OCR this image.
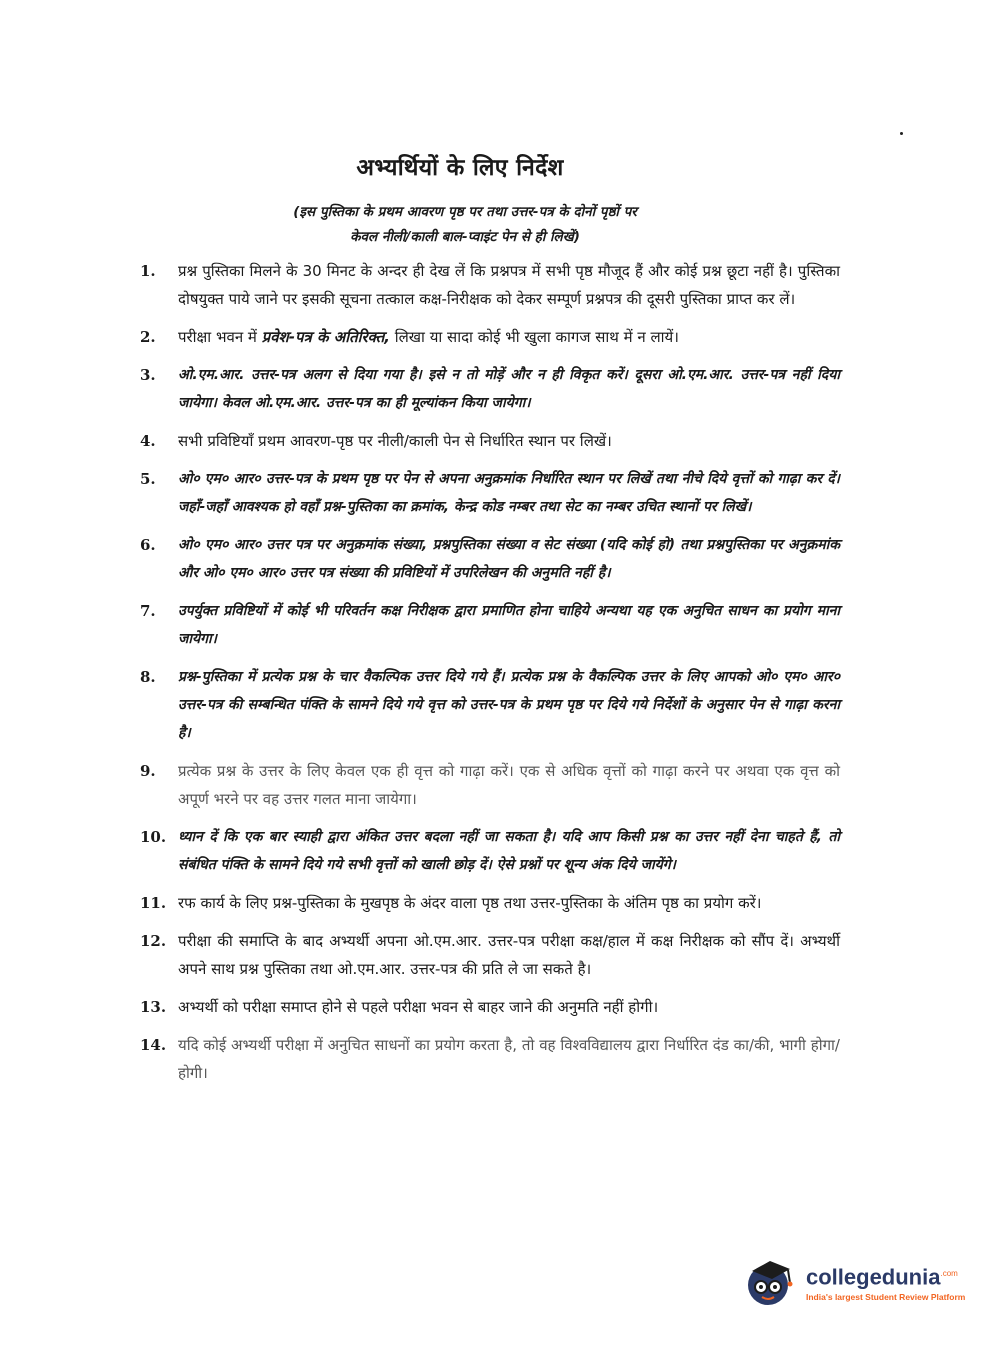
अभ्यर्थियों के लिए निर्देश
(इस पुस्तिका के प्रथम आवरण पृष्ठ पर तथा उत्तर-पत्र के दोनों पृष्ठों पर
केवल नीली/काली बाल-प्वाइंट पेन से ही लिखें)
1.	प्रश्न पुस्तिका मिलने के 30 मिनट के अन्दर ही देख लें कि प्रश्नपत्र में सभी पृष्ठ मौजूद हैं और कोई प्रश्न छूटा नहीं है। पुस्तिका दोषयुक्त पाये जाने पर इसकी सूचना तत्काल कक्ष-निरीक्षक को देकर सम्पूर्ण प्रश्नपत्र की दूसरी पुस्तिका प्राप्त कर लें।
2.	परीक्षा भवन में प्रवेश-पत्र के अतिरिक्त, लिखा या सादा कोई भी खुला कागज साथ में न लायें।
3.	ओ.एम.आर. उत्तर-पत्र अलग से दिया गया है। इसे न तो मोड़ें और न ही विकृत करें। दूसरा ओ.एम.आर. उत्तर-पत्र नहीं दिया जायेगा। केवल ओ.एम.आर. उत्तर-पत्र का ही मूल्यांकन किया जायेगा।
4.	सभी प्रविष्टियाँ प्रथम आवरण-पृष्ठ पर नीली/काली पेन से निर्धारित स्थान पर लिखें।
5.	ओ० एम० आर० उत्तर-पत्र के प्रथम पृष्ठ पर पेन से अपना अनुक्रमांक निर्धारित स्थान पर लिखें तथा नीचे दिये वृत्तों को गाढ़ा कर दें। जहाँ-जहाँ आवश्यक हो वहाँ प्रश्न-पुस्तिका का क्रमांक, केन्द्र कोड नम्बर तथा सेट का नम्बर उचित स्थानों पर लिखें।
6.	ओ० एम० आर० उत्तर पत्र पर अनुक्रमांक संख्या, प्रश्नपुस्तिका संख्या व सेट संख्या (यदि कोई हो) तथा प्रश्नपुस्तिका पर अनुक्रमांक और ओ० एम० आर० उत्तर पत्र संख्या की प्रविष्टियों में उपरिलेखन की अनुमति नहीं है।
7.	उपर्युक्त प्रविष्टियों में कोई भी परिवर्तन कक्ष निरीक्षक द्वारा प्रमाणित होना चाहिये अन्यथा यह एक अनुचित साधन का प्रयोग माना जायेगा।
8.	प्रश्न-पुस्तिका में प्रत्येक प्रश्न के चार वैकल्पिक उत्तर दिये गये हैं। प्रत्येक प्रश्न के वैकल्पिक उत्तर के लिए आपको ओ० एम० आर० उत्तर-पत्र की सम्बन्धित पंक्ति के सामने दिये गये वृत्त को उत्तर-पत्र के प्रथम पृष्ठ पर दिये गये निर्देशों के अनुसार पेन से गाढ़ा करना है।
9.	प्रत्येक प्रश्न के उत्तर के लिए केवल एक ही वृत्त को गाढ़ा करें। एक से अधिक वृत्तों को गाढ़ा करने पर अथवा एक वृत्त को अपूर्ण भरने पर वह उत्तर गलत माना जायेगा।
10. ध्यान दें कि एक बार स्याही द्वारा अंकित उत्तर बदला नहीं जा सकता है। यदि आप किसी प्रश्न का उत्तर नहीं देना चाहते हैं, तो संबंधित पंक्ति के सामने दिये गये सभी वृत्तों को खाली छोड़ दें। ऐसे प्रश्नों पर शून्य अंक दिये जायेंगे।
11. रफ कार्य के लिए प्रश्न-पुस्तिका के मुखपृष्ठ के अंदर वाला पृष्ठ तथा उत्तर-पुस्तिका के अंतिम पृष्ठ का प्रयोग करें।
12. परीक्षा की समाप्ति के बाद अभ्यर्थी अपना ओ.एम.आर. उत्तर-पत्र परीक्षा कक्ष/हाल में कक्ष निरीक्षक को सौंप दें। अभ्यर्थी अपने साथ प्रश्न पुस्तिका तथा ओ.एम.आर. उत्तर-पत्र की प्रति ले जा सकते है।
13. अभ्यर्थी को परीक्षा समाप्त होने से पहले परीक्षा भवन से बाहर जाने की अनुमति नहीं होगी।
14. यदि कोई अभ्यर्थी परीक्षा में अनुचित साधनों का प्रयोग करता है, तो वह विश्वविद्यालय द्वारा निर्धारित दंड का/की, भागी होगा/होगी।
collegedunia$^{.com}$
India's largest Student Review Platform
